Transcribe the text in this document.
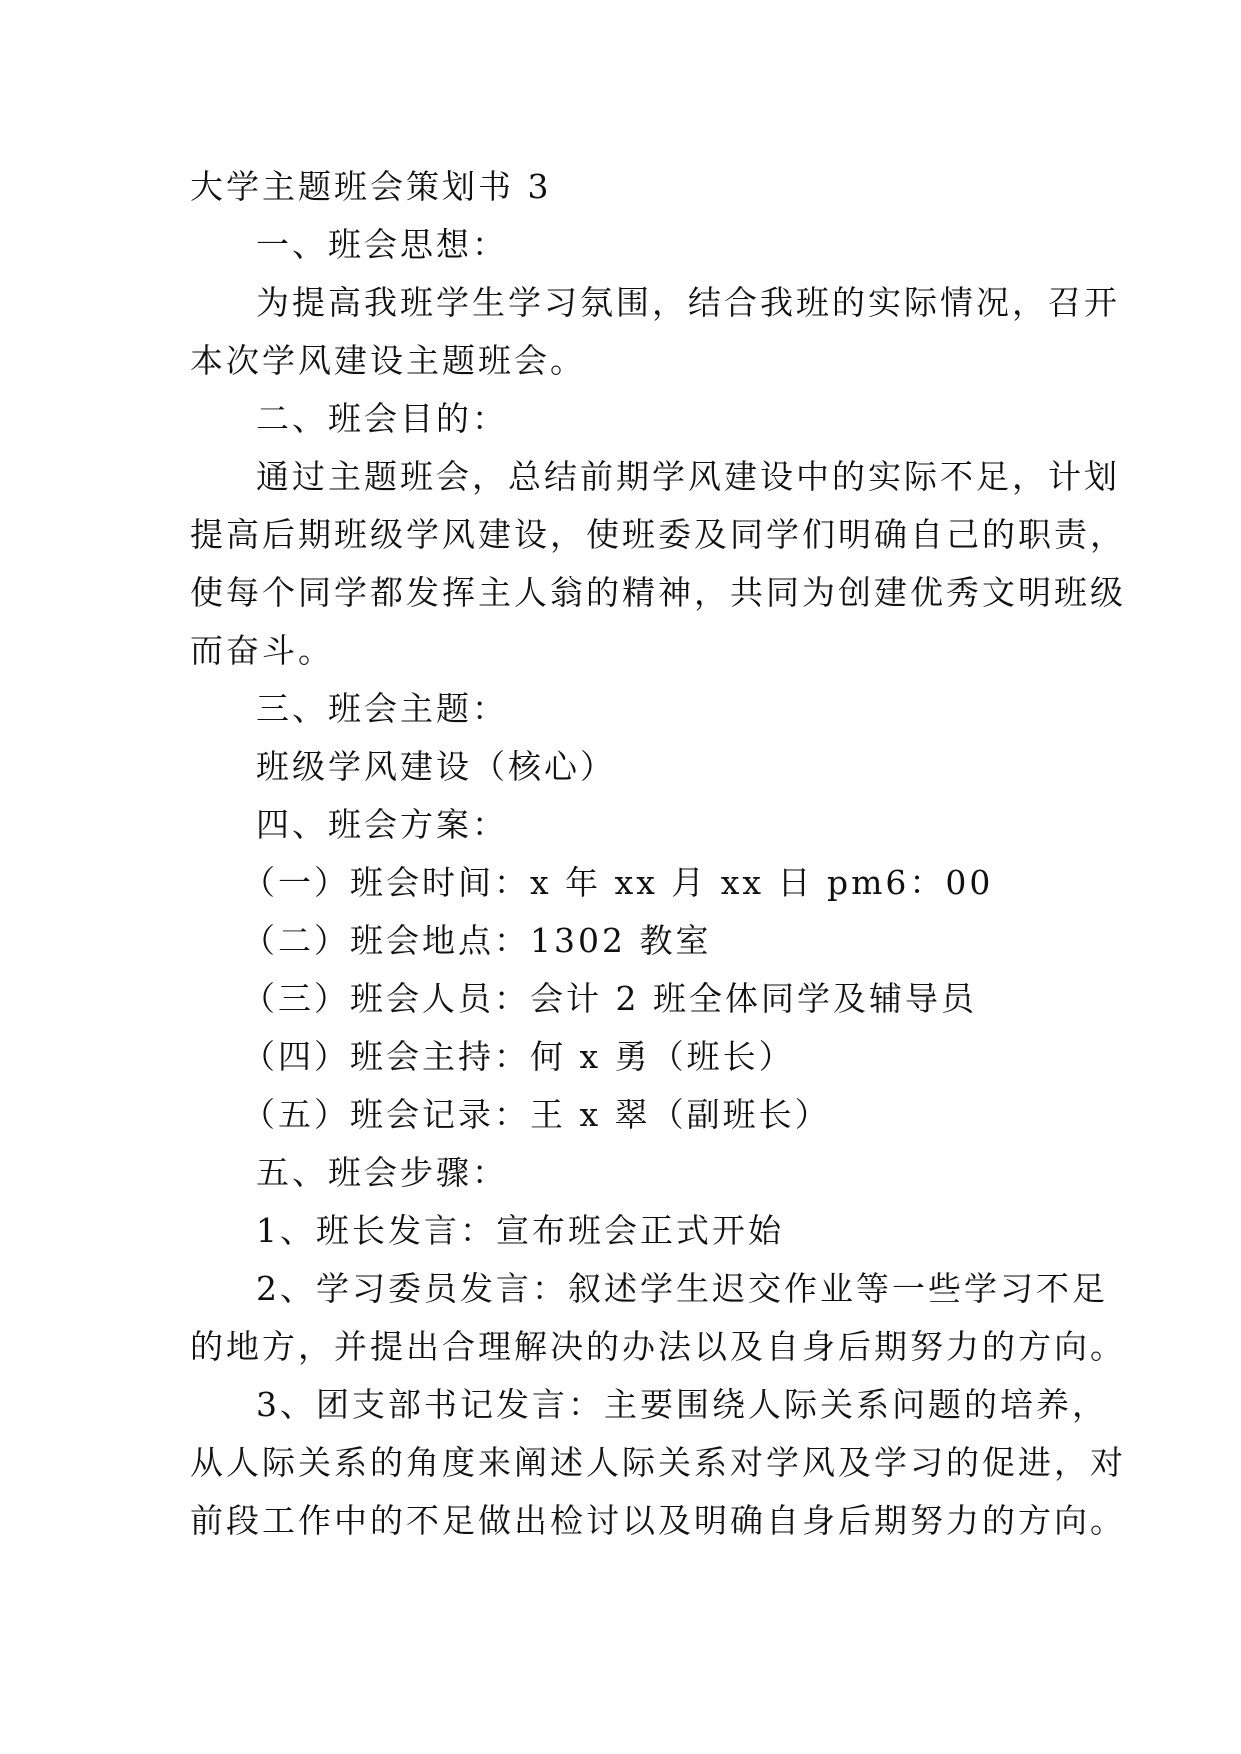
大学主题班会策划书 3
一、班会思想：
为提高我班学生学习氛围，结合我班的实际情况，召开
本次学风建设主题班会。
二、班会目的：
通过主题班会，总结前期学风建设中的实际不足，计划
提高后期班级学风建设，使班委及同学们明确自己的职责，
使每个同学都发挥主人翁的精神，共同为创建优秀文明班级
而奋斗。
三、班会主题：
班级学风建设（核心）
四、班会方案：
（一）班会时间：x 年 xx 月 xx 日 pm6：00
（二）班会地点：1302 教室
（三）班会人员：会计 2 班全体同学及辅导员
（四）班会主持：何 x 勇（班长）
（五）班会记录：王 x 翠（副班长）
五、班会步骤：
1、班长发言：宣布班会正式开始
2、学习委员发言：叙述学生迟交作业等一些学习不足
的地方，并提出合理解决的办法以及自身后期努力的方向。
3、团支部书记发言：主要围绕人际关系问题的培养，
从人际关系的角度来阐述人际关系对学风及学习的促进，对
前段工作中的不足做出检讨以及明确自身后期努力的方向。
